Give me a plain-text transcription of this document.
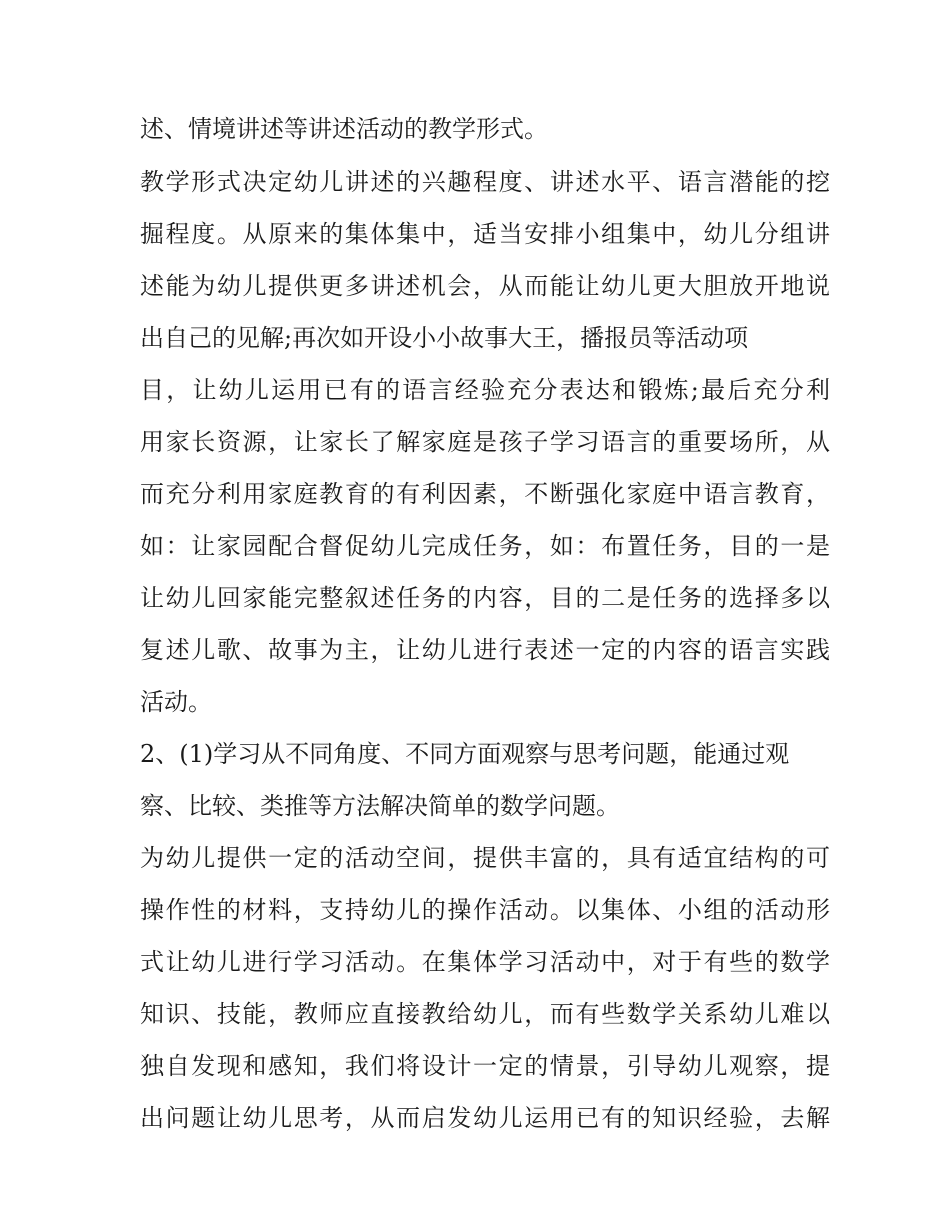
述、情境讲述等讲述活动的教学形式。
教学形式决定幼儿讲述的兴趣程度、讲述水平、语言潜能的挖
掘程度。从原来的集体集中，适当安排小组集中，幼儿分组讲
述能为幼儿提供更多讲述机会，从而能让幼儿更大胆放开地说
出自己的见解;再次如开设小小故事大王，播报员等活动项
目，让幼儿运用已有的语言经验充分表达和锻炼;最后充分利
用家长资源，让家长了解家庭是孩子学习语言的重要场所，从
而充分利用家庭教育的有利因素，不断强化家庭中语言教育，
如：让家园配合督促幼儿完成任务，如：布置任务，目的一是
让幼儿回家能完整叙述任务的内容，目的二是任务的选择多以
复述儿歌、故事为主，让幼儿进行表述一定的内容的语言实践
活动。
2、(1)学习从不同角度、不同方面观察与思考问题，能通过观
察、比较、类推等方法解决简单的数学问题。
为幼儿提供一定的活动空间，提供丰富的，具有适宜结构的可
操作性的材料，支持幼儿的操作活动。以集体、小组的活动形
式让幼儿进行学习活动。在集体学习活动中，对于有些的数学
知识、技能，教师应直接教给幼儿，而有些数学关系幼儿难以
独自发现和感知，我们将设计一定的情景，引导幼儿观察，提
出问题让幼儿思考，从而启发幼儿运用已有的知识经验，去解
